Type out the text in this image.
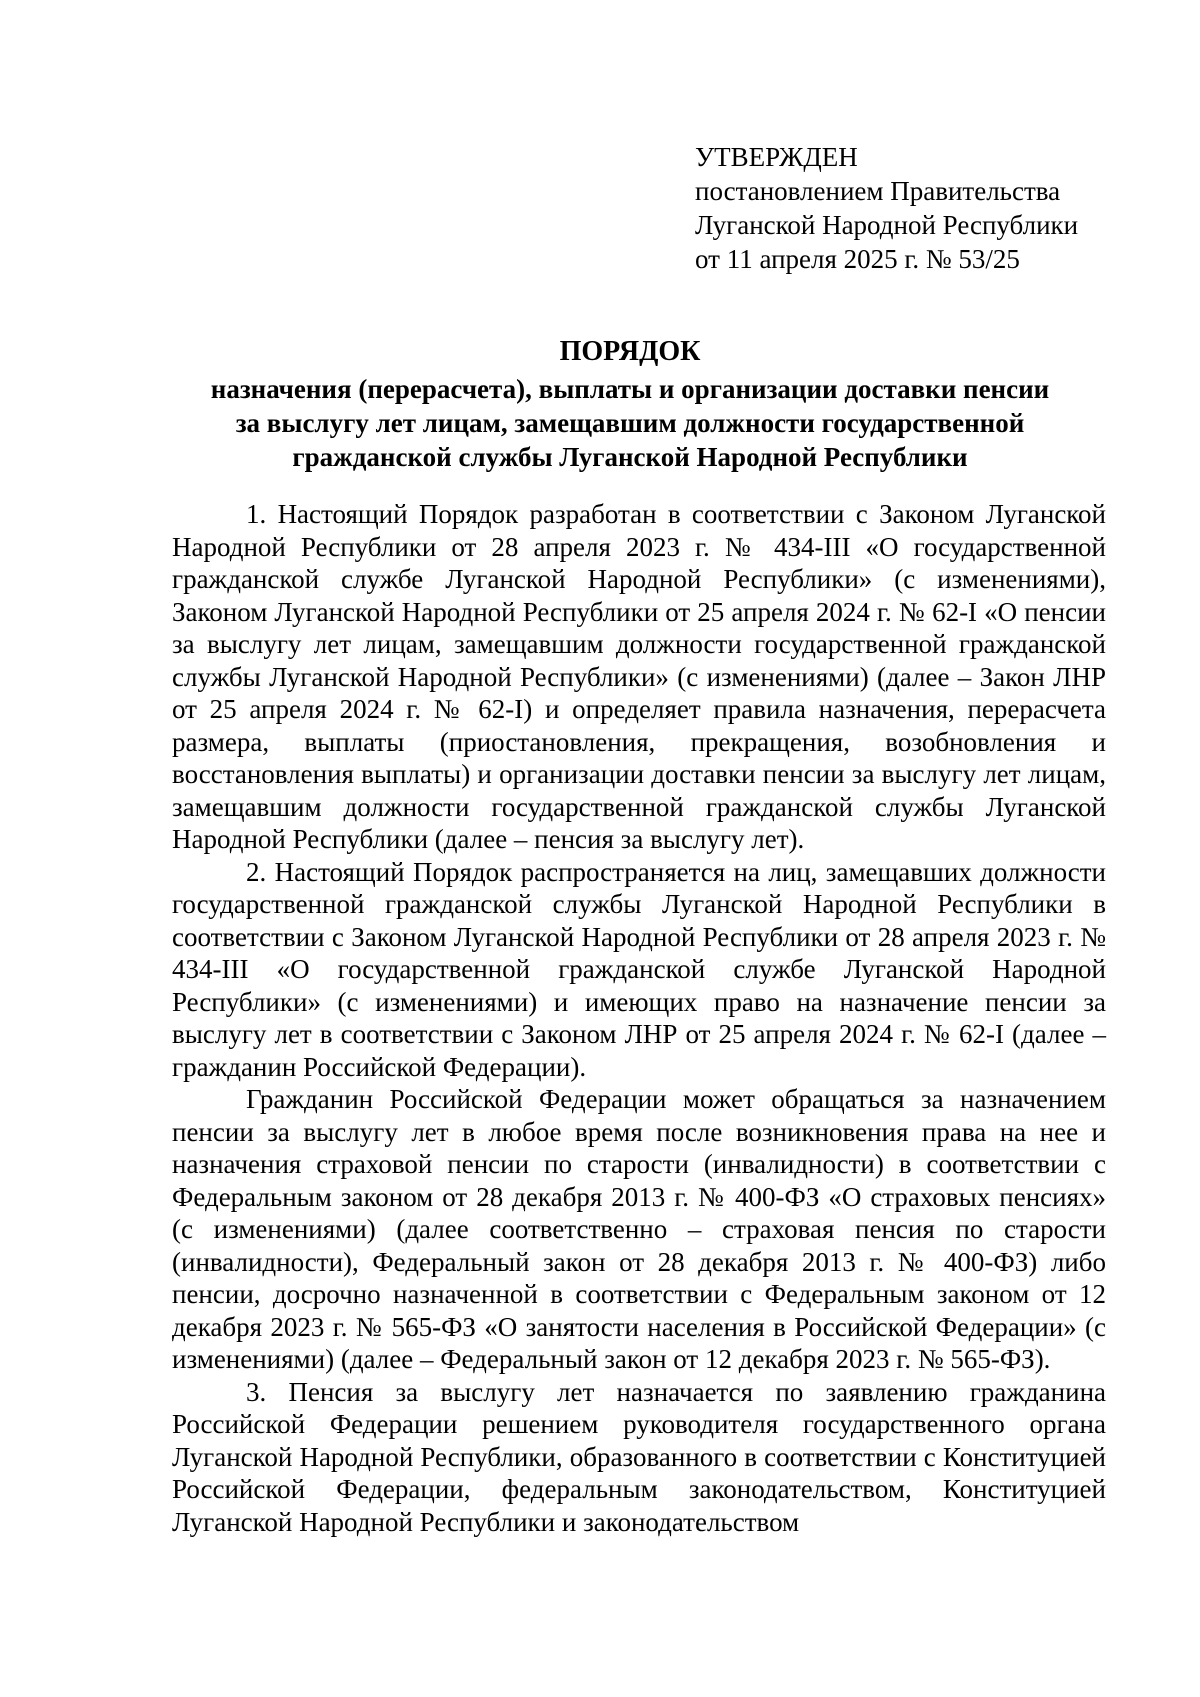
УТВЕРЖДЕН
постановлением Правительства
Луганской Народной Республики
от 11 апреля 2025 г. № 53/25
ПОРЯДОК
назначения (перерасчета), выплаты и организации доставки пенсии
за выслугу лет лицам, замещавшим должности государственной
гражданской службы Луганской Народной Республики

1. Настоящий Порядок разработан в соответствии с Законом Луганской Народной Республики от 28 апреля 2023 г. № 434-III «О государственной гражданской службе Луганской Народной Республики» (с изменениями), Законом Луганской Народной Республики от 25 апреля 2024 г. № 62-I «О пенсии за выслугу лет лицам, замещавшим должности государственной гражданской службы Луганской Народной Республики» (с изменениями) (далее – Закон ЛНР от 25 апреля 2024 г. № 62-I) и определяет правила назначения, перерасчета размера, выплаты (приостановления, прекращения, возобновления и восстановления выплаты) и организации доставки пенсии за выслугу лет лицам, замещавшим должности государственной гражданской службы Луганской Народной Республики (далее – пенсия за выслугу лет).

2. Настоящий Порядок распространяется на лиц, замещавших должности государственной гражданской службы Луганской Народной Республики в соответствии с Законом Луганской Народной Республики от 28 апреля 2023 г. № 434-III «О государственной гражданской службе Луганской Народной Республики» (с изменениями) и имеющих право на назначение пенсии за выслугу лет в соответствии с Законом ЛНР от 25 апреля 2024 г. № 62-I (далее – гражданин Российской Федерации).

Гражданин Российской Федерации может обращаться за назначением пенсии за выслугу лет в любое время после возникновения права на нее и назначения страховой пенсии по старости (инвалидности) в соответствии с Федеральным законом от 28 декабря 2013 г. № 400-ФЗ «О страховых пенсиях» (с изменениями) (далее соответственно – страховая пенсия по старости (инвалидности), Федеральный закон от 28 декабря 2013 г. № 400-ФЗ) либо пенсии, досрочно назначенной в соответствии с Федеральным законом от 12 декабря 2023 г. № 565-ФЗ «О занятости населения в Российской Федерации» (с изменениями) (далее – Федеральный закон от 12 декабря 2023 г. № 565-ФЗ).

3. Пенсия за выслугу лет назначается по заявлению гражданина Российской Федерации решением руководителя государственного органа Луганской Народной Республики, образованного в соответствии с Конституцией Российской Федерации, федеральным законодательством, Конституцией Луганской Народной Республики и законодательством
